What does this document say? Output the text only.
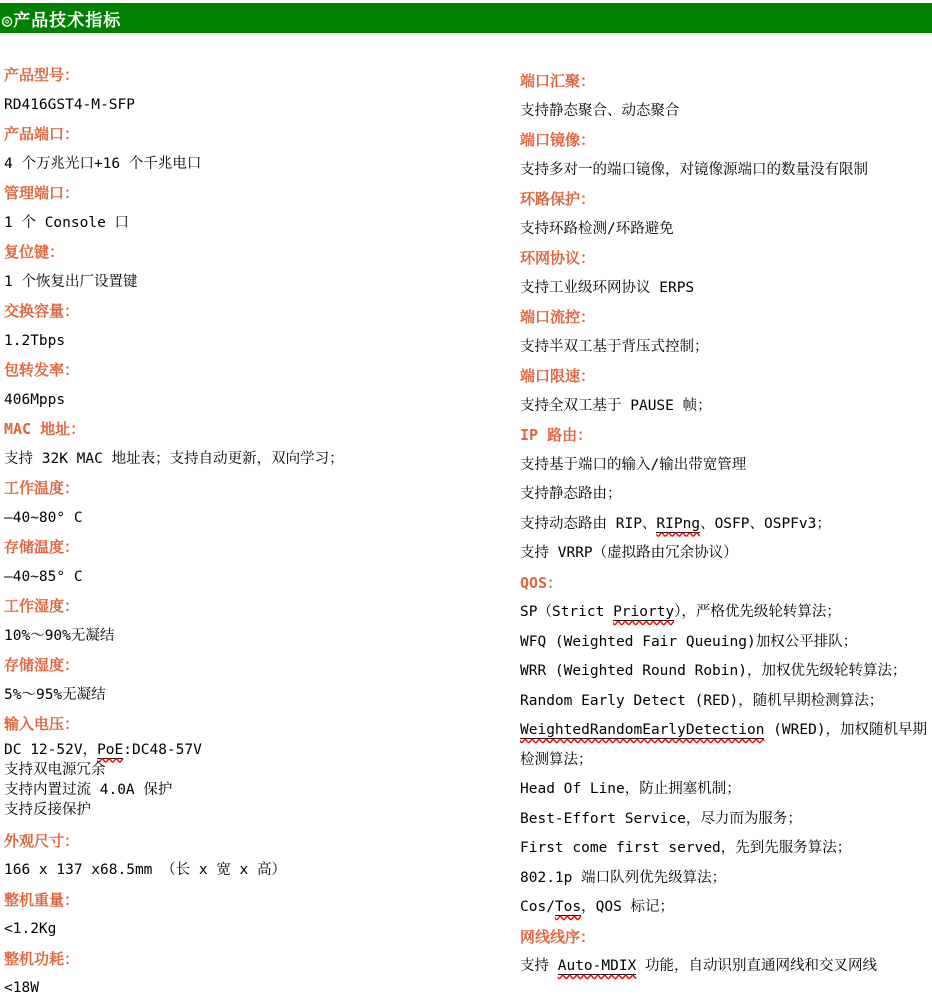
◎产品技术指标
产品型号：
RD416GST4-M-SFP
产品端口：
4 个万兆光口+16 个千兆电口
管理端口：
1 个 Console 口
复位键：
1 个恢复出厂设置键
交换容量：
1.2Tbps
包转发率：
406Mpps
MAC 地址：
支持 32K MAC 地址表；支持自动更新，双向学习；
工作温度：
—40~80° C
存储温度：
—40~85° C
工作湿度：
10%～90%无凝结
存储湿度：
5%～95%无凝结
输入电压：
DC 12-52V，PoE:DC48-57V
支持双电源冗余
支持内置过流 4.0A 保护
支持反接保护
外观尺寸：
166 x 137 x68.5mm （长 x 宽 x 高）
整机重量：
<1.2Kg
整机功耗：
<18W
端口汇聚：
支持静态聚合、动态聚合
端口镜像：
支持多对一的端口镜像，对镜像源端口的数量没有限制
环路保护：
支持环路检测/环路避免
环网协议：
支持工业级环网协议 ERPS
端口流控：
支持半双工基于背压式控制；
端口限速：
支持全双工基于 PAUSE 帧；
IP 路由：
支持基于端口的输入/输出带宽管理
支持静态路由；
支持动态路由 RIP、RIPng、OSFP、OSPFv3；
支持 VRRP（虚拟路由冗余协议）
QOS：
SP（Strict Priorty），严格优先级轮转算法；
WFQ (Weighted Fair Queuing)加权公平排队；
WRR (Weighted Round Robin)，加权优先级轮转算法；
Random Early Detect (RED)，随机早期检测算法；
WeightedRandomEarlyDetection (WRED)，加权随机早期
检测算法；
Head Of Line，防止拥塞机制；
Best-Effort Service，尽力而为服务；
First come first served，先到先服务算法；
802.1p 端口队列优先级算法；
Cos/Tos，QOS 标记；
网线线序：
支持 Auto-MDIX 功能，自动识别直通网线和交叉网线
